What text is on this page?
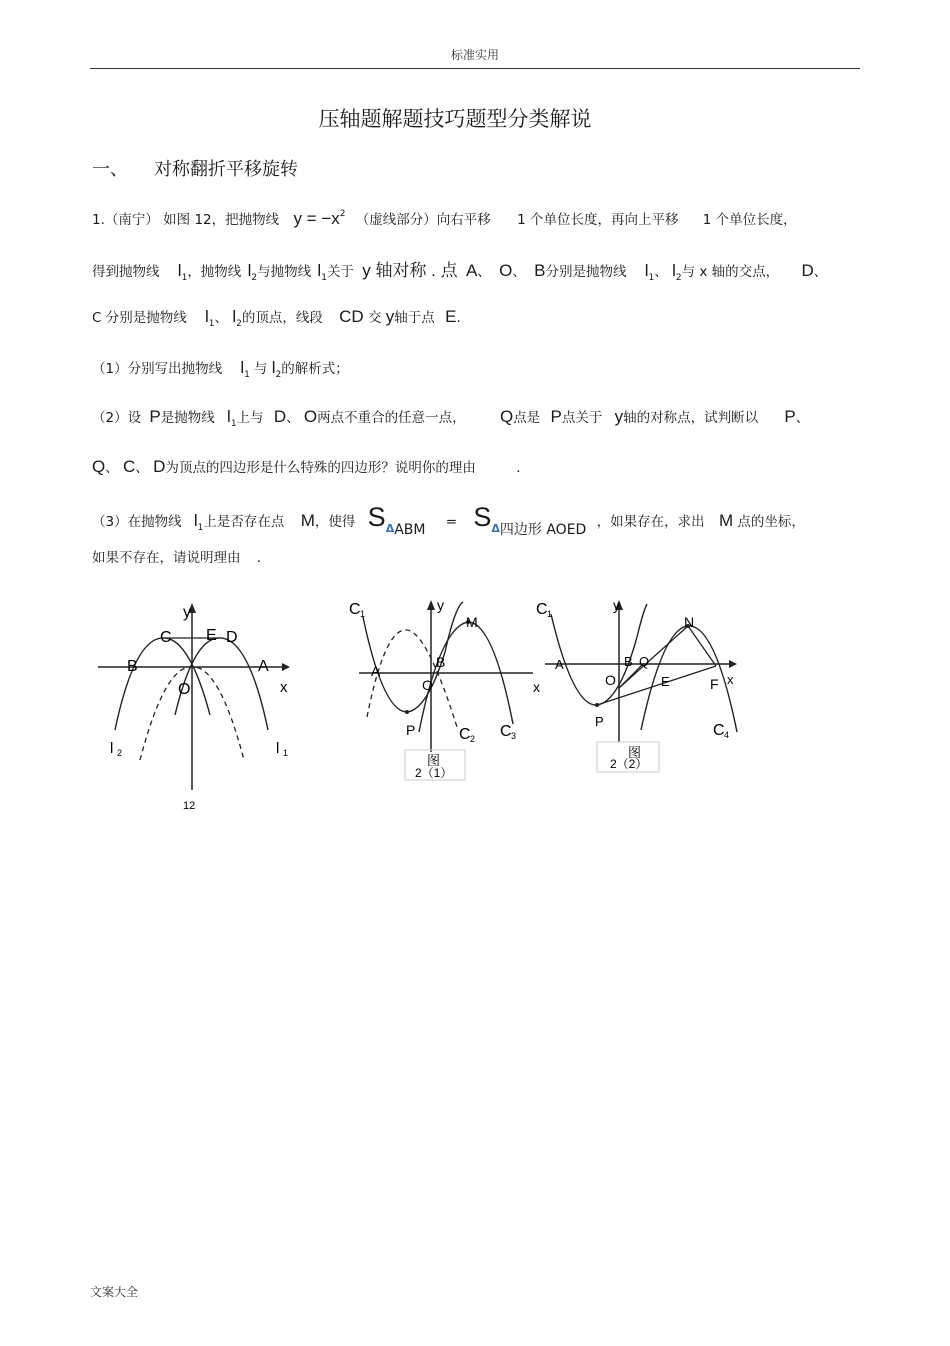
标准实用
压轴题解题技巧题型分类解说
一、 对称翻折平移旋转
1.（南宁） 如图 12，把抛物线 $y = -x^2$ （虚线部分）向右平移 1 个单位长度，再向上平移 1 个单位长度，
得到抛物线 $l_1$，抛物线 $l_2$与抛物线 $l_1$关于 y 轴对称 . 点 A、 O、 B分别是抛物线 $l_1$、 $l_2$与 x 轴的交点， D、
C 分别是抛物线 $l_1$、 $l_2$的顶点，线段 CD 交 y轴于点 E.
（1）分别写出抛物线 $l_1$ 与 $l_2$的解析式；
（2）设 P是抛物线 $l_1$上与 D、 O两点不重合的任意一点， Q点是 P点关于 y轴的对称点，试判断以 P、
Q、 C、 D为顶点的四边形是什么特殊的四边形？说明你的理由	.
（3）在抛物线 $l_1$上是否存在点 M，使得 $S_\Delta ABM = S_\Delta$四边形 AOED ，如果存在，求出 M 点的坐标，
如果不存在，请说明理由 .
y
C E D
B	A
O	x
l 2	l 1
12
y
C 1	M
A
B
O	x
P	C 2 C 3
图
2（1）
y
C 1	N
A	B Q
O	E	F x
P
C 4
图
2（2）
文案大全
